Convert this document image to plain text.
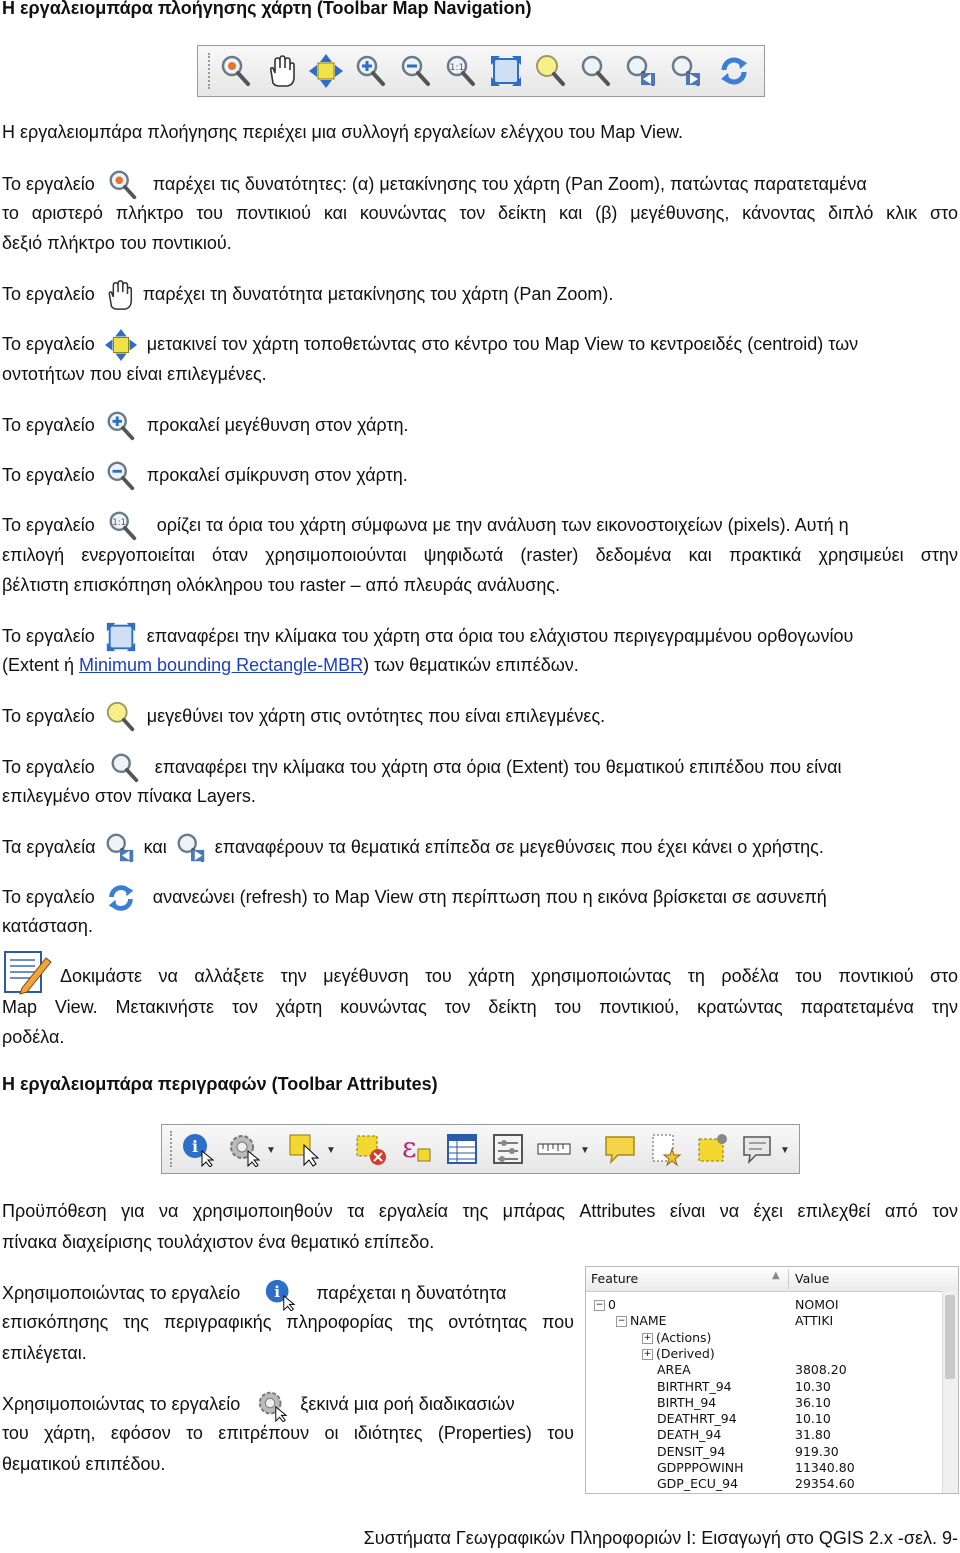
Η εργαλειομπάρα πλοήγησης χάρτη (Toolbar Map Navigation)
1:1
Η εργαλειομπάρα πλοήγησης περιέχει μια συλλογή εργαλείων ελέγχου του Map View.
Το εργαλείο	παρέχει τις δυνατότητες: (α) μετακίνησης του χάρτη (Pan Zoom), πατώντας παρατεταμένα
το αριστερό πλήκτρο του ποντικιού και κουνώντας τον δείκτη και (β) μεγέθυνσης, κάνοντας διπλό κλικ στο
δεξιό πλήκτρο του ποντικιού.
Το εργαλείο	παρέχει τη δυνατότητα μετακίνησης του χάρτη (Pan Zoom).
Το εργαλείο	μετακινεί τον χάρτη τοποθετώντας στο κέντρο του Map View το κεντροειδές (centroid) των
οντοτήτων που είναι επιλεγμένες.
Το εργαλείο	προκαλεί μεγέθυνση στον χάρτη.
Το εργαλείο	προκαλεί σμίκρυνση στον χάρτη.
Το εργαλείο 1:1 ορίζει τα όρια του χάρτη σύμφωνα με την ανάλυση των εικονοστοιχείων (pixels). Αυτή η
επιλογή ενεργοποιείται όταν χρησιμοποιούνται ψηφιδωτά (raster) δεδομένα και πρακτικά χρησιμεύει στην
βέλτιστη επισκόπηση ολόκληρου του raster – από πλευράς ανάλυσης.
Το εργαλείο	επαναφέρει την κλίμακα του χάρτη στα όρια του ελάχιστου περιγεγραμμένου ορθογωνίου
(Extent ή Minimum bounding Rectangle-MBR) των θεματικών επιπέδων.
Το εργαλείο	μεγεθύνει τον χάρτη στις οντότητες που είναι επιλεγμένες.
Το εργαλείο	επαναφέρει την κλίμακα του χάρτη στα όρια (Extent) του θεματικού επιπέδου που είναι
επιλεγμένο στον πίνακα Layers.
Τα εργαλεία	και	επαναφέρουν τα θεματικά επίπεδα σε μεγεθύνσεις που έχει κάνει ο χρήστης.
Το εργαλείο	ανανεώνει (refresh) το Map View στη περίπτωση που η εικόνα βρίσκεται σε ασυνεπή
κατάσταση.
Δοκιμάστε να αλλάξετε την μεγέθυνση του χάρτη χρησιμοποιώντας τη ροδέλα του ποντικιού στο
Map View. Μετακινήστε τον χάρτη κουνώντας τον δείκτη του ποντικιού, κρατώντας παρατεταμένα την
ροδέλα.
Η εργαλειομπάρα περιγραφών (Toolbar Attributes)
i	▼	▼ ε	▼	▼
Προϋπόθεση για να χρησιμοποιηθούν τα εργαλεία της μπάρας Attributes είναι να έχει επιλεχθεί από τον
πίνακα διαχείρισης τουλάχιστον ένα θεματικό επίπεδο.
Χρησιμοποιώντας το εργαλείο i παρέχεται η δυνατότητα
επισκόπησης της περιγραφικής πληροφορίας της οντότητας που
επιλέγεται.
Χρησιμοποιώντας το εργαλείο	ξεκινά μια ροή διαδικασιών
του χάρτη, εφόσον το επιτρέπουν οι ιδιότητες (Properties) του
θεματικού επιπέδου.
Feature	▲ Value
− 0	ΝΟΜΟΙ
− NAME	ATTIKI
+ (Actions)
+ (Derived)
AREA	3808.20
BIRTHRT_94	10.30
BIRTH_94	36.10
DEATHRT_94	10.10
DEATH_94	31.80
DENSIT_94	919.30
GDPPPOWINH	11340.80
GDP_ECU_94	29354.60
Συστήματα Γεωγραφικών Πληροφοριών Ι: Εισαγωγή στο QGIS 2.x -σελ. 9-
